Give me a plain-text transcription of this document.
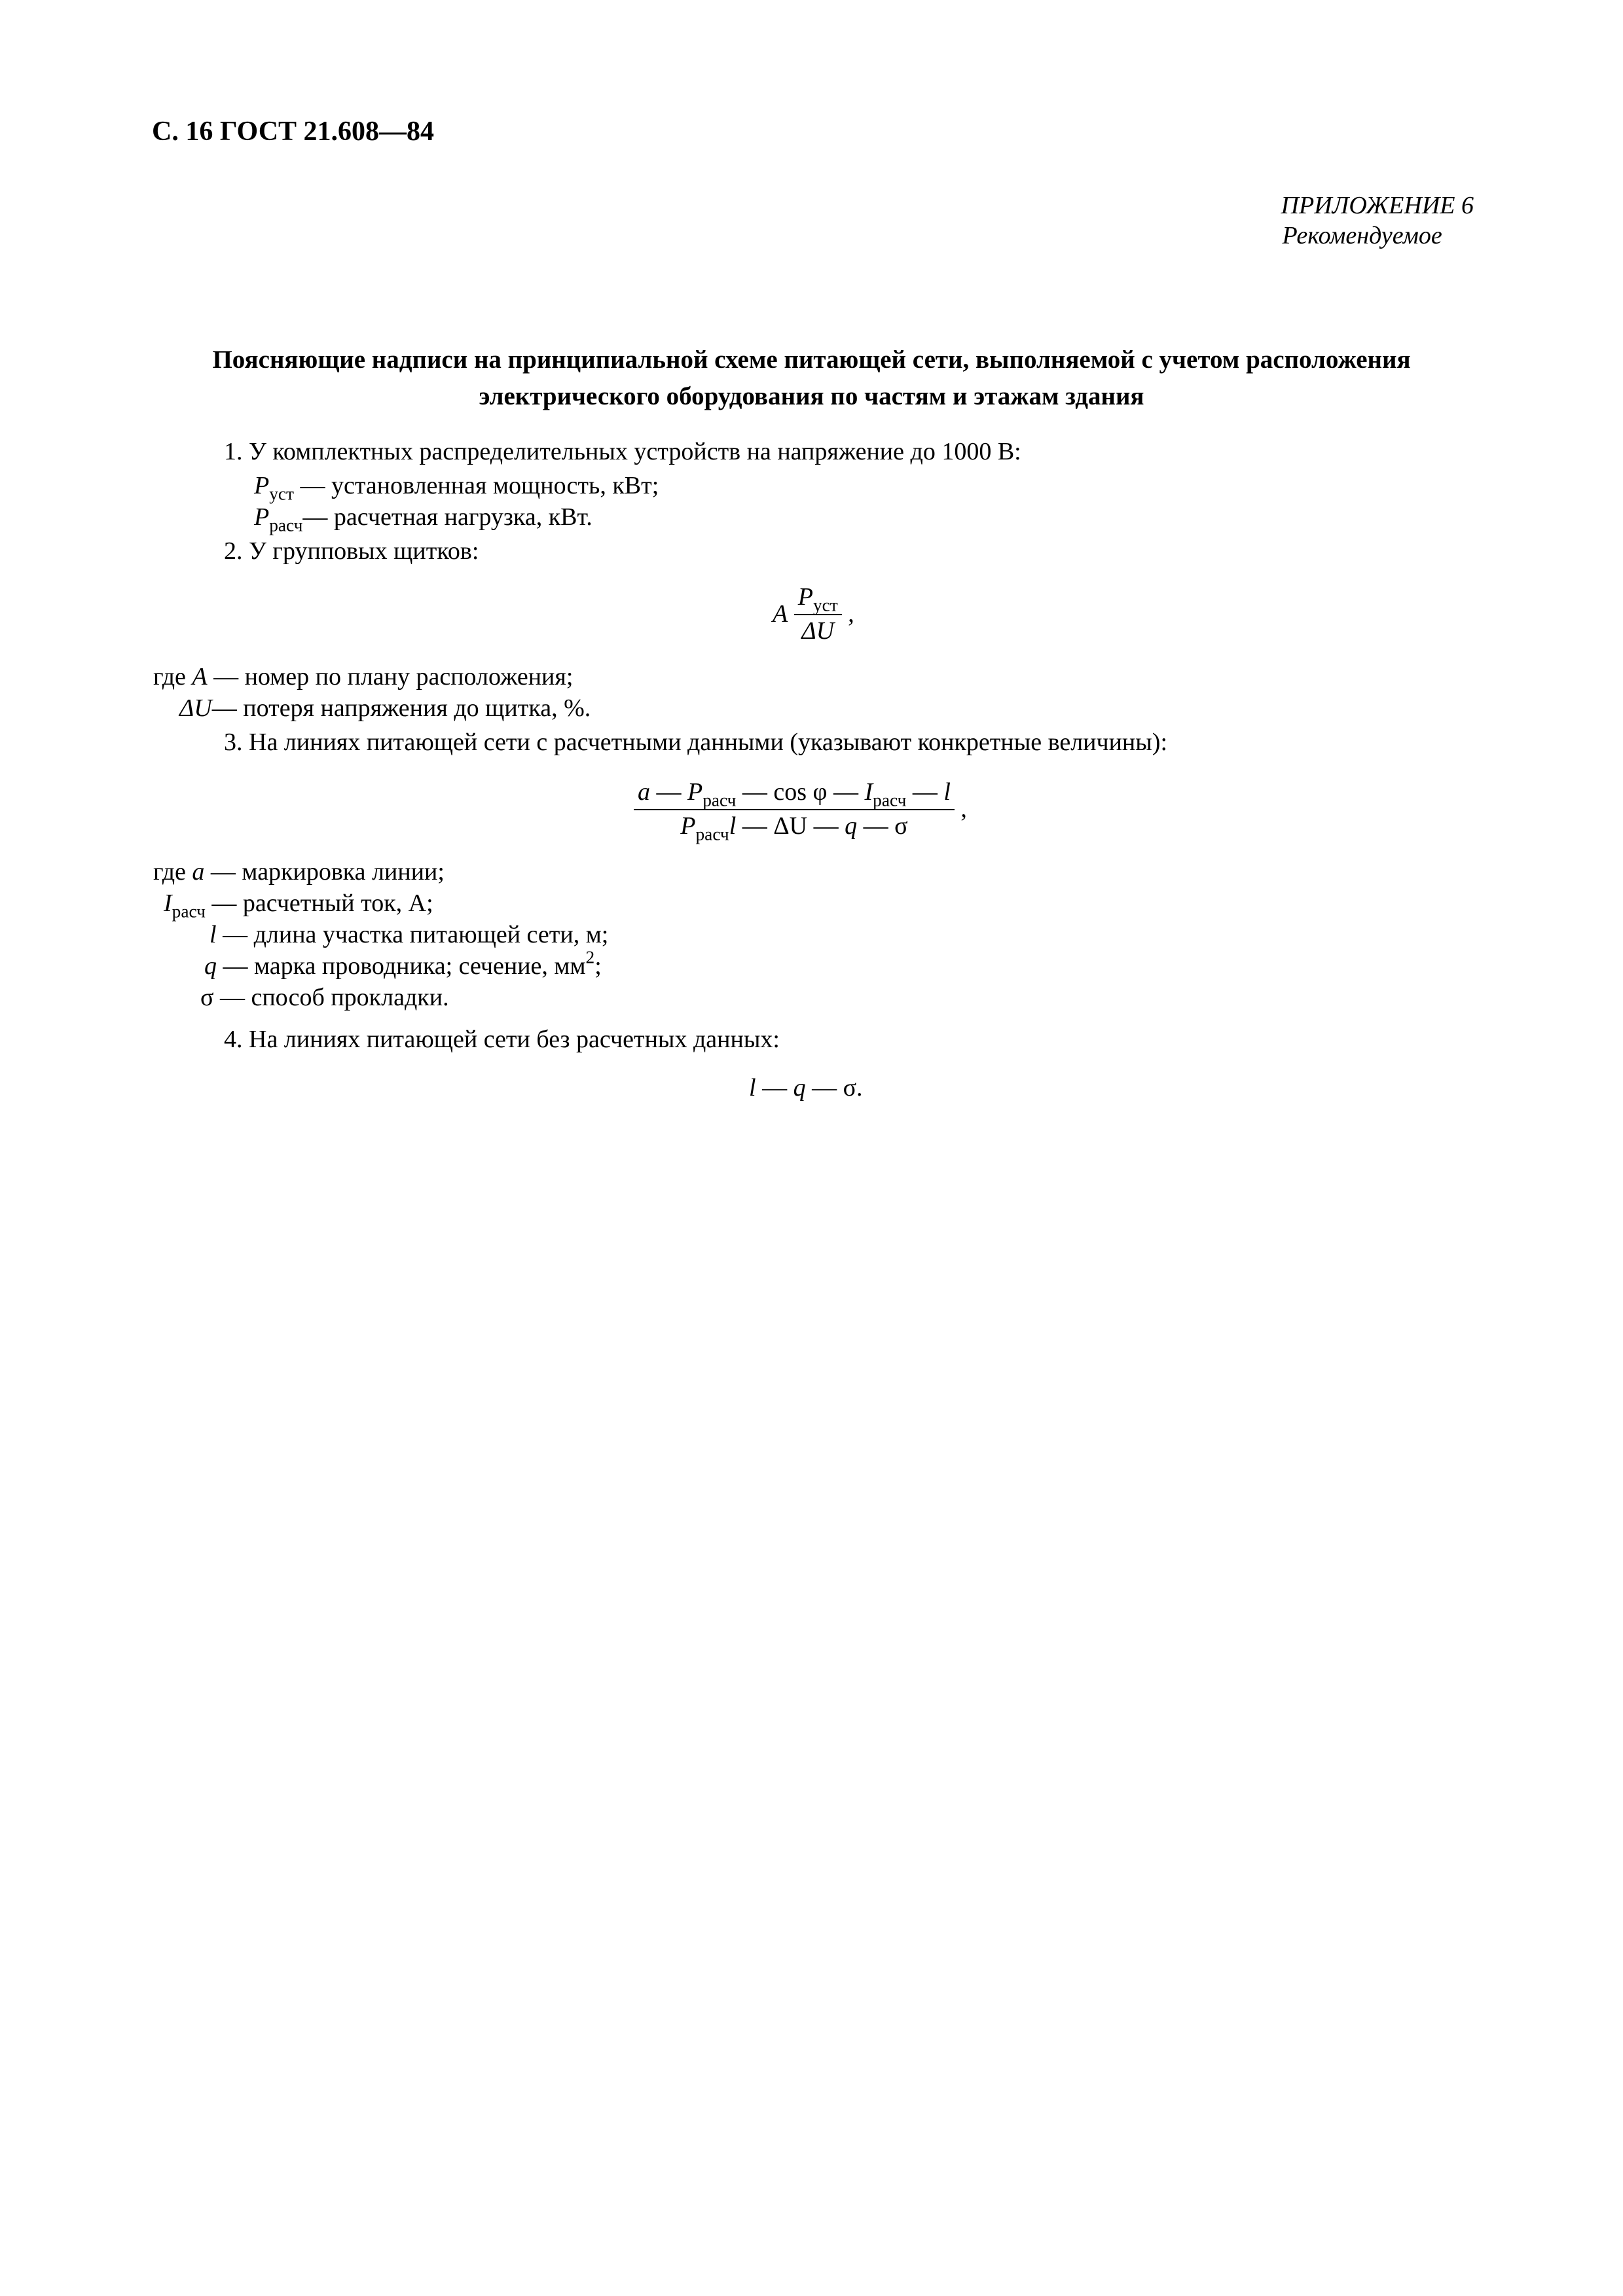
С. 16 ГОСТ 21.608—84
ПРИЛОЖЕНИЕ 6
Рекомендуемое
Поясняющие надписи на принципиальной схеме питающей сети, выполняемой с учетом расположения электрического оборудования по частям и этажам здания
1. У комплектных распределительных устройств на напряжение до 1000 В:
$P_{уст}$ — установленная мощность, кВт;
$P_{расч}—$ расчетная нагрузка, кВт.
2. У групповых щитков:
A $\frac{P_{уст}}{\Delta U}$ ,
где A — номер по плану расположения;
ΔU— потеря напряжения до щитка, %.
3. На линиях питающей сети с расчетными данными (указывают конкретные величины):
$\frac{a — P_{расч} — \cos \varphi — I_{расч} — l}{P_{расч}l — \Delta U — q — \sigma}$ ,
где a — маркировка линии;
$I_{расч}$ — расчетный ток, А;
l — длина участка питающей сети, м;
q — марка проводника; сечение, $мм^2$;
σ — способ прокладки.
4. На линиях питающей сети без расчетных данных:
l — q — σ.
